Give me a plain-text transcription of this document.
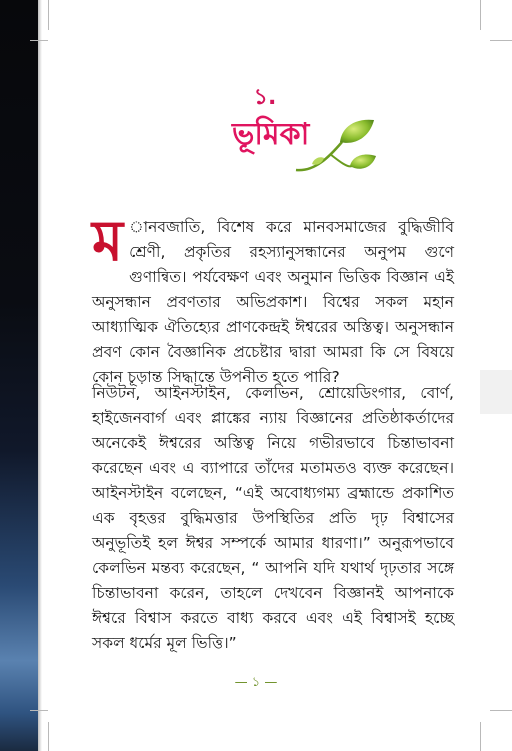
১.
ভূমিকা
ম ানবজাতি, বিশেষ করে মানবসমাজের বুদ্ধিজীবি শ্রেণী, প্রকৃতির রহস্যানুসন্ধানের অনুপম গুণে গুণান্বিত। পর্যবেক্ষণ এবং অনুমান ভিত্তিক বিজ্ঞান এই অনুসন্ধান প্রবণতার অভিপ্রকাশ। বিশ্বের সকল মহান আধ্যাত্মিক ঐতিহ্যের প্রাণকেন্দ্রই ঈশ্বরের অস্তিত্ব। অনুসন্ধান প্রবণ কোন বৈজ্ঞানিক প্রচেষ্টার দ্বারা আমরা কি সে বিষয়ে কোন চূড়ান্ত সিদ্ধান্তে উপনীত হতে পারি?
নিউটন, আইনস্টাইন, কেলভিন, শ্রোয়েডিংগার, বোর্ণ, হাইজেনবার্গ এবং প্লাঙ্কের ন্যায় বিজ্ঞানের প্রতিষ্ঠাকর্তাদের অনেকেই ঈশ্বরের অস্তিত্ব নিয়ে গভীরভাবে চিন্তাভাবনা করেছেন এবং এ ব্যাপারে তাঁদের মতামতও ব্যক্ত করেছেন। আইনস্টাইন বলেছেন, “এই অবোধ্যগম্য ব্রহ্মান্ডে প্রকাশিত এক বৃহত্তর বুদ্ধিমত্তার উপস্থিতির প্রতি দৃঢ় বিশ্বাসের অনুভূতিই হল ঈশ্বর সম্পর্কে আমার ধারণা।” অনুরূপভাবে কেলভিন মন্তব্য করেছেন, “ আপনি যদি যথার্থ দৃঢ়তার সঙ্গে চিন্তাভাবনা করেন, তাহলে দেখবেন বিজ্ঞানই আপনাকে ঈশ্বরে বিশ্বাস করতে বাধ্য করবে এবং এই বিশ্বাসই হচ্ছে সকল ধর্মের মূল ভিত্তি।”
— ১ —
